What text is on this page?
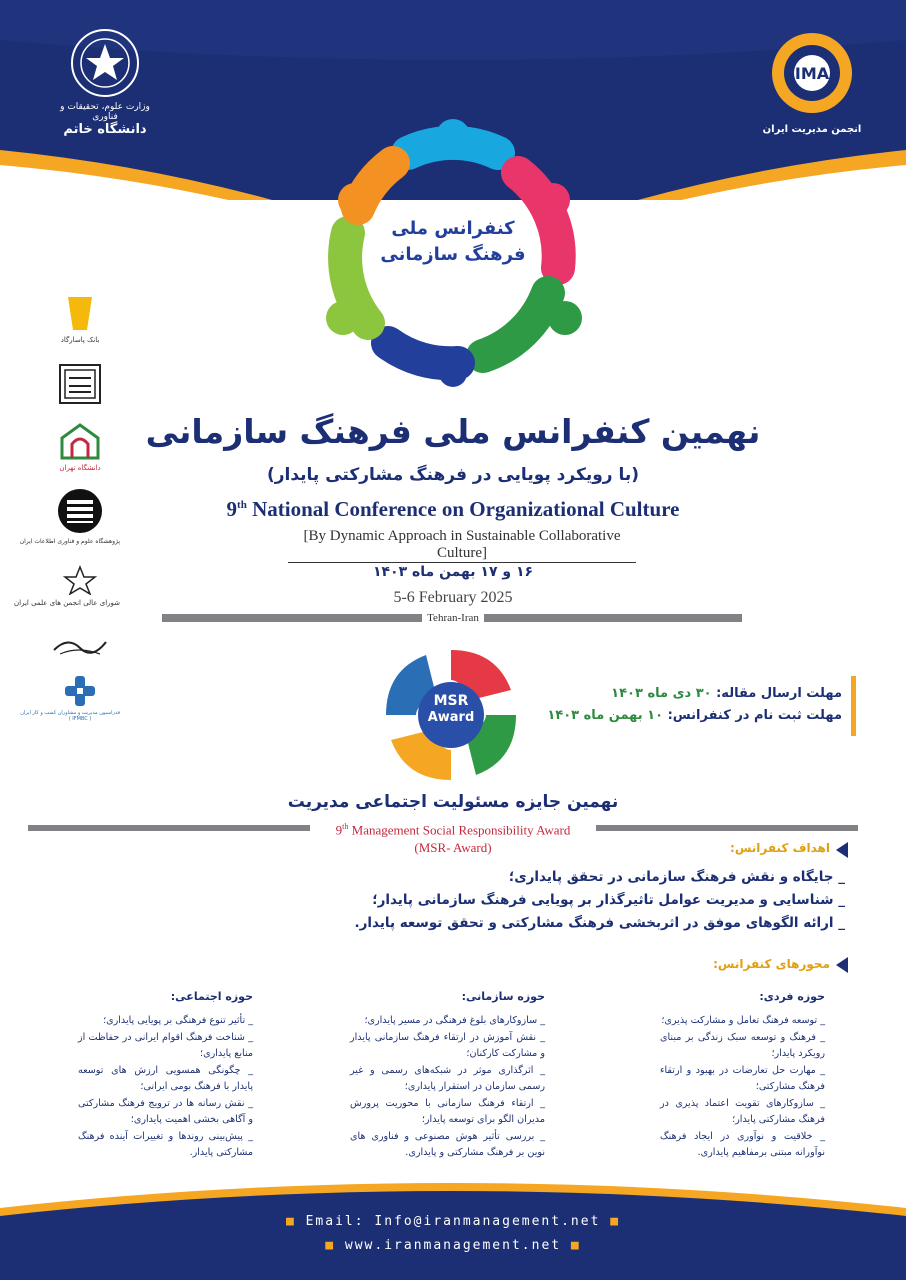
IMA
انجمن مدیریت ایران
وزارت علوم، تحقیقات و فناوری
دانشگاه خاتم
کنفرانس ملی
فرهنگ سازمانی
بانک پاسارگاد
دانشگاه تهران
پژوهشگاه علوم و فناوری اطلاعات ایران
شورای عالی انجمن های علمی ایران
فدراسیون مدیریت و مشاوران کسب و کار ایران
( IFMBC )
نهمین کنفرانس ملی فرهنگ سازمانی
(با رویکرد پویایی در فرهنگ مشارکتی پایدار)
9th National Conference on Organizational Culture
[By Dynamic Approach in Sustainable Collaborative Culture]
۱۶ و ۱۷ بهمن ماه ۱۴۰۳
5-6 February 2025
Tehran-Iran
MSR
Award
مهلت ارسال مقاله: ۳۰ دی ماه ۱۴۰۳
مهلت ثبت نام در کنفرانس: ۱۰ بهمن ماه ۱۴۰۳
نهمین جایزه مسئولیت اجتماعی مدیریت
9th Management Social Responsibility Award
(MSR- Award)	اهداف کنفرانس:
_ جایگاه و نقش فرهنگ سازمانی در تحقق پایداری؛
_ شناسایی و مدیریت عوامل تاثیرگذار بر پویایی فرهنگ سازمانی پایدار؛
_ ارائه الگوهای موفق در اثربخشی فرهنگ مشارکتی و تحقق توسعه پایدار.
محورهای کنفرانس:
حوزه فردی:
_ توسعه فرهنگ تعامل و مشارکت پذیری؛
_ فرهنگ و توسعه سبک زندگی بر مبنای رویکرد پایدار؛
_ مهارت حل تعارضات در بهبود و ارتقاء فرهنگ مشارکتی؛
_ سازوکارهای تقویت اعتماد پذیری در فرهنگ مشارکتی پایدار؛
_ خلاقیت و نوآوری در ایجاد فرهنگ نوآورانه مبتنی برمفاهیم پایداری.
حوزه سازمانی:
_ سازوکارهای بلوغ فرهنگی در مسیر پایداری؛
_ نقش آموزش در ارتقاء فرهنگ سازمانی پایدار و مشارکت کارکنان؛
_ اثرگذاری موثر در شبکه‌های رسمی و غیر رسمی سازمان در استقرار پایداری؛
_ ارتقاء فرهنگ سازمانی با محوریت پرورش مدیران الگو برای توسعه پایدار؛
_ بررسی تأثیر هوش مصنوعی و فناوری های نوین بر فرهنگ مشارکتی و پایداری.
حوزه اجتماعی:
_ تأثیر تنوع فرهنگی بر پویایی پایداری؛
_ شناخت فرهنگ اقوام ایرانی در حفاظت از منابع پایداری؛
_ چگونگی همسویی ارزش های توسعه پایدار با فرهنگ بومی ایرانی؛
_ نقش رسانه ها در ترویج فرهنگ مشارکتی و آگاهی بخشی اهمیت پایداری؛
_ پیش‌بینی روندها و تغییرات آینده فرهنگ مشارکتی پایدار.
■ Email: Info@iranmanagement.net ■
■ www.iranmanagement.net ■
